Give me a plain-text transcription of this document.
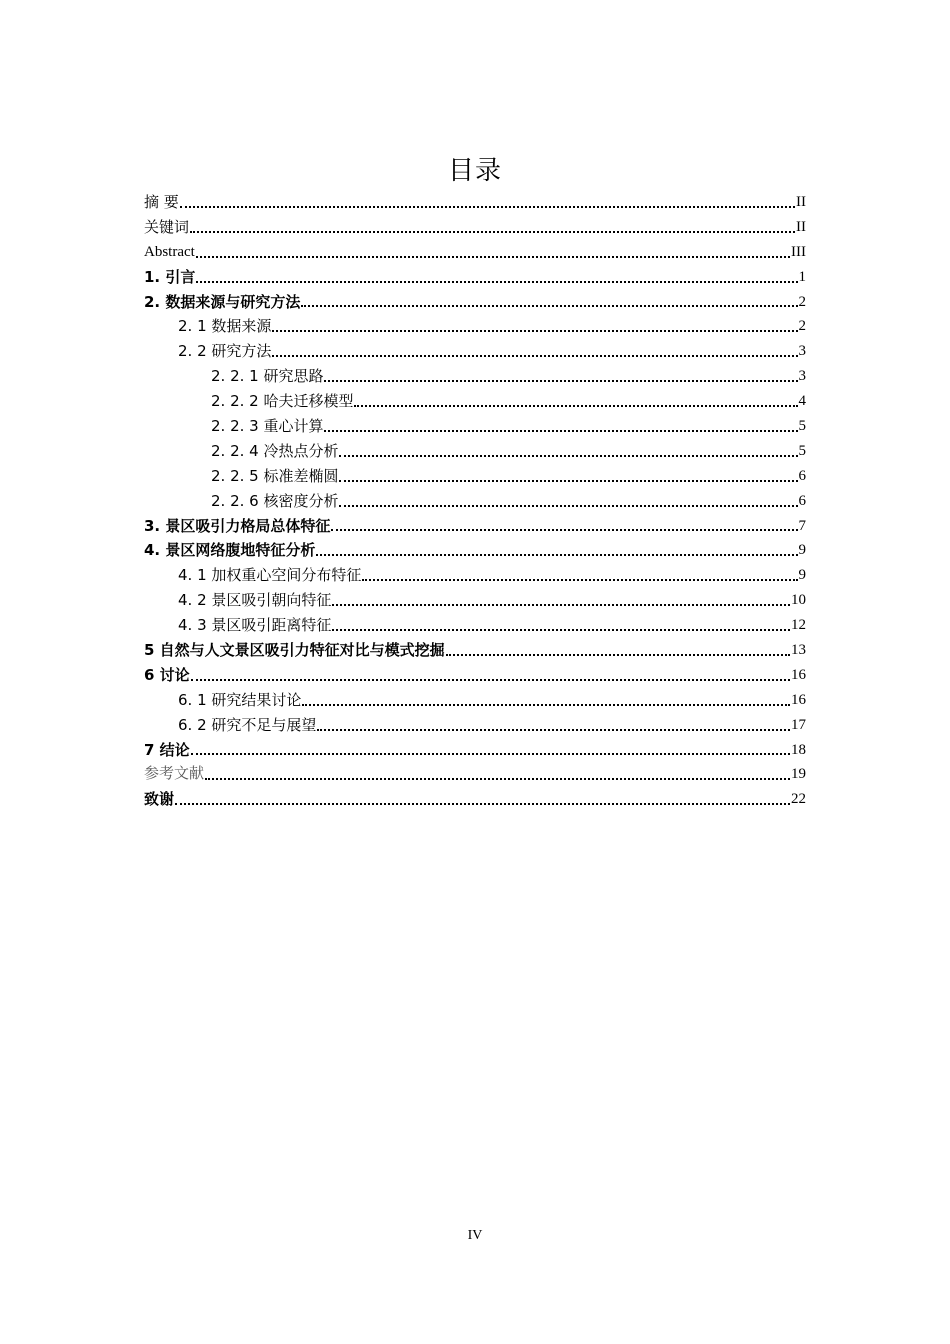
目录
摘 要	II
关键词	II
Abstract	III
1. 引言	1
2. 数据来源与研究方法	2
2. 1 数据来源	2
2. 2 研究方法	3
2. 2. 1 研究思路	3
2. 2. 2 哈夫迁移模型	4
2. 2. 3 重心计算	5
2. 2. 4 冷热点分析	5
2. 2. 5 标准差椭圆	6
2. 2. 6 核密度分析	6
3. 景区吸引力格局总体特征	7
4. 景区网络腹地特征分析	9
4. 1 加权重心空间分布特征	9
4. 2 景区吸引朝向特征	10
4. 3 景区吸引距离特征	12
5 自然与人文景区吸引力特征对比与模式挖掘	13
6 讨论	16
6. 1 研究结果讨论	16
6. 2 研究不足与展望	17
7 结论	18
参考文献	19
致谢	22
IV
